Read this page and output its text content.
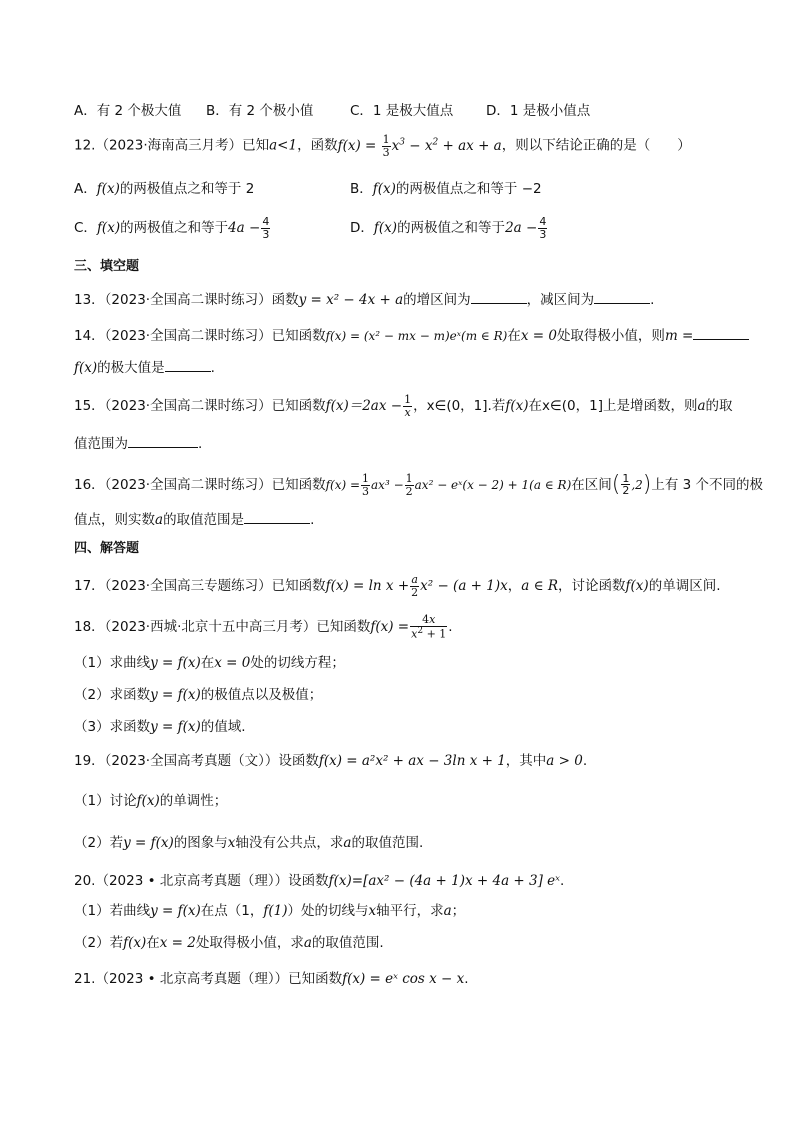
A．有 2 个极大值 B．有 2 个极小值	C．1 是极大值点 D．1 是极小值点
12.（2023·海南高三月考）已知a<1，函数$f(x) = \frac{1}{3} x^3 - x^2$ + ax + a，则以下结论正确的是（　　）
A．f(x)的两极值点之和等于 2	B．f(x)的两极值点之和等于 −2
C．f(x)的两极值之和等于$4a - \frac{4}{3}$	D．f(x)的两极值之和等于$2a - \frac{4}{3}$
三、填空题
13．（2023·全国高二课时练习）函数y = x² − 4x + a的增区间为	，减区间为	.
14．（2023·全国高二课时练习）已知函数f(x) = (x² − mx − m)eˣ(m ∈ R)在x = 0处取得极小值，则m =
f(x)的极大值是	.
15．（2023·全国高二课时练习）已知函数$f(x)=2ax - \frac{1}{x}$ ，x∈(0，1].若f(x)在x∈(0，1]上是增函数，则a的取
值范围为	.
16．（2023·全国高二课时练习）已知函数$f(x) = \frac{1}{3} ax^3 - \frac{1}{2} ax^2$ − eˣ(x − 2) + 1(a ∈ R)在区间( $\frac{1}{2} ,2$)上有 3 个不同的极
值点，则实数a的取值范围是	.
四、解答题
17．（2023·全国高三专题练习）已知函数$f(x) = \ln x + \frac{a}{2} x^2 - (a + 1)x$，a ∈ R，讨论函数f(x)的单调区间.
18．（2023·西城·北京十五中高三月考）已知函数$f(x) = \frac{4x}{x^2 + 1}$ .
（1）求曲线y = f(x)在x = 0处的切线方程；
（2）求函数y = f(x)的极值点以及极值；
（3）求函数y = f(x)的值域.
19．（2023·全国高考真题（文））设函数f(x) = a²x² + ax − 3ln x + 1，其中a > 0.
（1）讨论f(x)的单调性；
（2）若y = f(x)的图象与x轴没有公共点，求a的取值范围.
20.（2023 • 北京高考真题（理））设函数f(x)=[ax² − (4a + 1)x + 4a + 3] eˣ.
（1）若曲线y = f(x)在点（1，f(1)）处的切线与x轴平行，求a；
（2）若f(x)在x = 2处取得极小值，求a的取值范围.
21.（2023 • 北京高考真题（理））已知函数f(x) = eˣ cos x − x.
